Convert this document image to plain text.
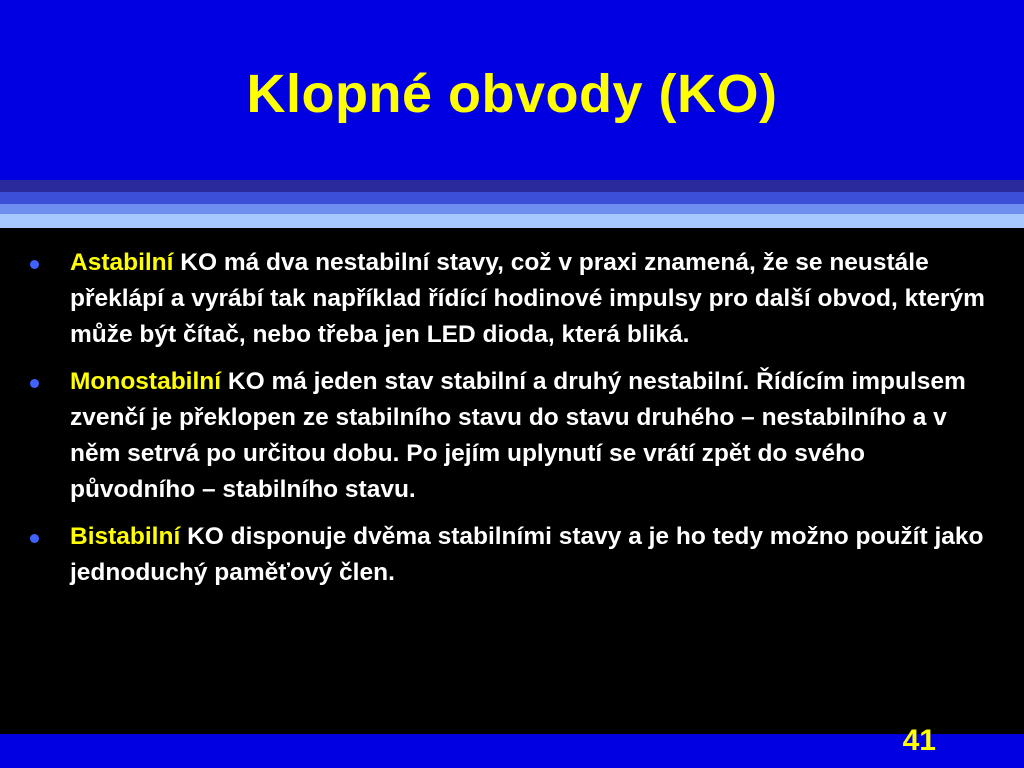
Klopné obvody (KO)
Astabilní KO má dva nestabilní stavy, což v praxi znamená, že se neustále překlápí a vyrábí tak například řídící hodinové impulsy pro další obvod, kterým může být čítač, nebo třeba jen LED dioda, která bliká.
Monostabilní KO má jeden stav stabilní a druhý nestabilní. Řídícím impulsem zvenčí je překlopen ze stabilního stavu do stavu druhého – nestabilního a v něm setrvá po určitou dobu. Po jejím uplynutí se vrátí zpět do svého původního – stabilního stavu.
Bistabilní KO disponuje dvěma stabilními stavy a je ho tedy možno použít jako jednoduchý paměťový člen.
41
